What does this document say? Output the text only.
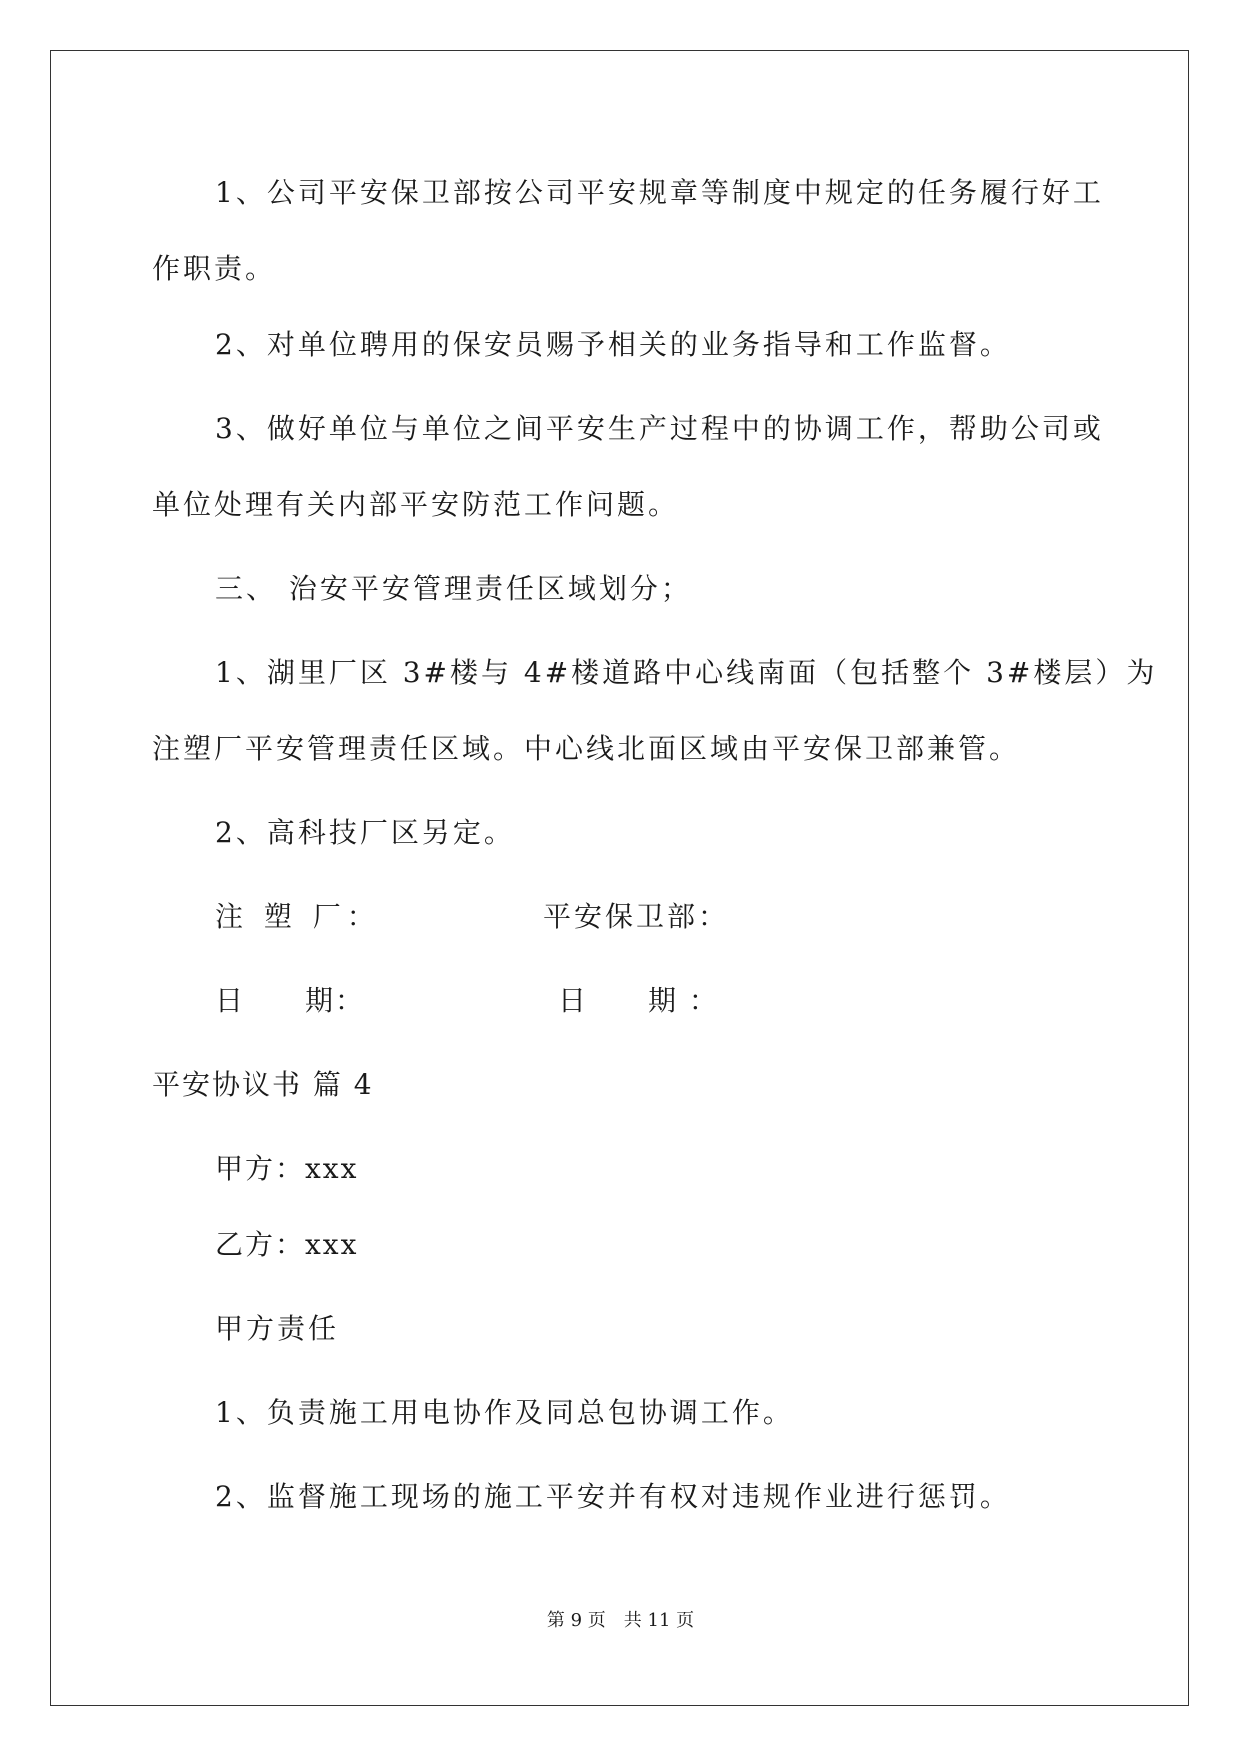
1、公司平安保卫部按公司平安规章等制度中规定的任务履行好工
作职责。
2、对单位聘用的保安员赐予相关的业务指导和工作监督。
3、做好单位与单位之间平安生产过程中的协调工作，帮助公司或
单位处理有关内部平安防范工作问题。
三、 治安平安管理责任区域划分；
1、湖里厂区 3#楼与 4#楼道路中心线南面（包括整个 3#楼层）为
注塑厂平安管理责任区域。中心线北面区域由平安保卫部兼管。
2、高科技厂区另定。
注 塑 厂：	平安保卫部：
日　　期：	日　　期 ：
平安协议书 篇 4
甲方：xxx
乙方：xxx
甲方责任
1、负责施工用电协作及同总包协调工作。
2、监督施工现场的施工平安并有权对违规作业进行惩罚。
第 9 页　共 11 页
